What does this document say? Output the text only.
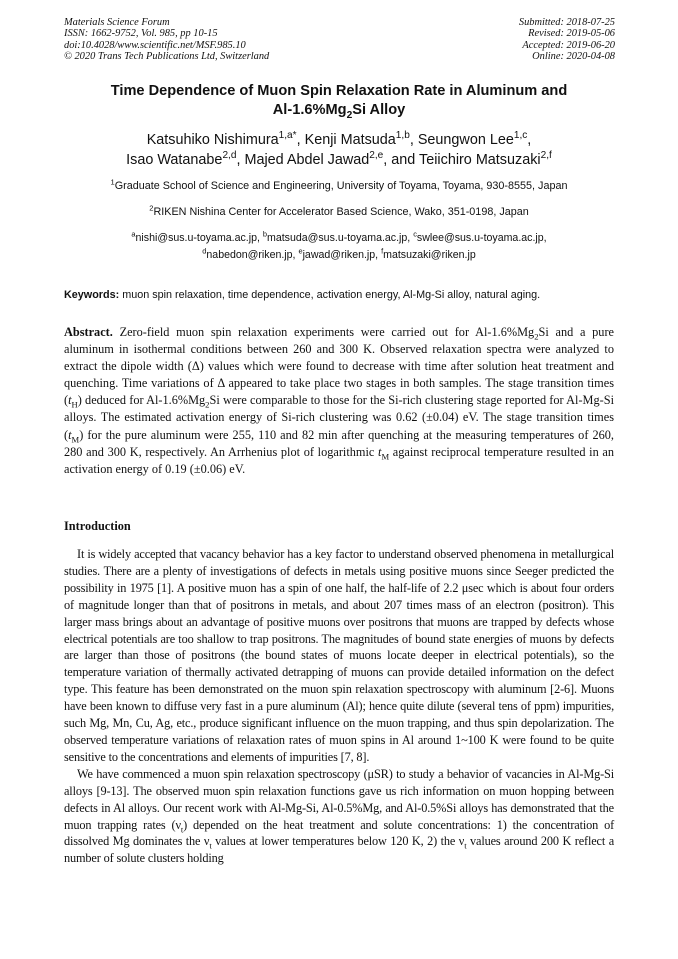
Materials Science Forum
ISSN: 1662-9752, Vol. 985, pp 10-15
doi:10.4028/www.scientific.net/MSF.985.10
© 2020 Trans Tech Publications Ltd, Switzerland
Submitted: 2018-07-25
Revised: 2019-05-06
Accepted: 2019-06-20
Online: 2020-04-08
Time Dependence of Muon Spin Relaxation Rate in Aluminum and
$Al-1.6\%Mg_2Si$ Alloy
Katsuhiko Nishimura$^{1,a*}$, Kenji Matsuda$^{1,b}$, Seungwon Lee$^{1,c}$,
Isao Watanabe$^{2,d}$, Majed Abdel Jawad$^{2,e}$, and Teiichiro Matsuzaki$^{2,f}$
$^1$Graduate School of Science and Engineering, University of Toyama, Toyama, 930-8555, Japan
$^2$RIKEN Nishina Center for Accelerator Based Science, Wako, 351-0198, Japan
$^a$nishi@sus.u-toyama.ac.jp, $^b$matsuda@sus.u-toyama.ac.jp, $^c$swlee@sus.u-toyama.ac.jp,
$^d$nabedon@riken.jp, $^e$jawad@riken.jp, $^f$matsuzaki@riken.jp
Keywords: muon spin relaxation, time dependence, activation energy, Al-Mg-Si alloy, natural aging.
Abstract. Zero-field muon spin relaxation experiments were carried out for $Al-1.6\%Mg_2Si$ and a pure aluminum in isothermal conditions between 260 and 300 K. Observed relaxation spectra were analyzed to extract the dipole width (Δ) values which were found to decrease with time after solution heat treatment and quenching. Time variations of Δ appeared to take place two stages in both samples. The stage transition times $(t_H)$ deduced for $Al-1.6\%Mg_2Si$ were comparable to those for the Si-rich clustering stage reported for Al-Mg-Si alloys. The estimated activation energy of Si-rich clustering was 0.62 (±0.04) eV. The stage transition times $(t_M)$ for the pure aluminum were 255, 110 and 82 min after quenching at the measuring temperatures of 260, 280 and 300 K, respectively. An Arrhenius plot of logarithmic $t_M$ against reciprocal temperature resulted in an activation energy of 0.19 (±0.06) eV.
Introduction

It is widely accepted that vacancy behavior has a key factor to understand observed phenomena in metallurgical studies. There are a plenty of investigations of defects in metals using positive muons since Seeger predicted the possibility in 1975 [1]. A positive muon has a spin of one half, the half-life of 2.2 μsec which is about four orders of magnitude longer than that of positrons in metals, and about 207 times mass of an electron (positron). This larger mass brings about an advantage of positive muons over positrons that muons are trapped by defects whose electrical potentials are too shallow to trap positrons. The magnitudes of bound state energies of muons by defects are larger than those of positrons (the bound states of muons locate deeper in electrical potentials), so the temperature variation of thermally activated detrapping of muons can provide detailed information on the defect type. This feature has been demonstrated on the muon spin relaxation spectroscopy with aluminum [2-6]. Muons have been known to diffuse very fast in a pure aluminum (Al); hence quite dilute (several tens of ppm) impurities, such Mg, Mn, Cu, Ag, etc., produce significant influence on the muon trapping, and thus spin depolarization. The observed temperature variations of relaxation rates of muon spins in Al around 1~100 K were found to be quite sensitive to the concentrations and elements of impurities [7, 8].

We have commenced a muon spin relaxation spectroscopy (μSR) to study a behavior of vacancies in Al-Mg-Si alloys [9-13]. The observed muon spin relaxation functions gave us rich information on muon hopping between defects in Al alloys. Our recent work with Al-Mg-Si, Al-0.5%Mg, and Al-0.5%Si alloys has demonstrated that the muon trapping rates $(\nu_t)$ depended on the heat treatment and solute concentrations: 1) the concentration of dissolved Mg dominates the $\nu_t$ values at lower temperatures below 120 K, 2) the $\nu_t$ values around 200 K reflect a number of solute clusters holding
